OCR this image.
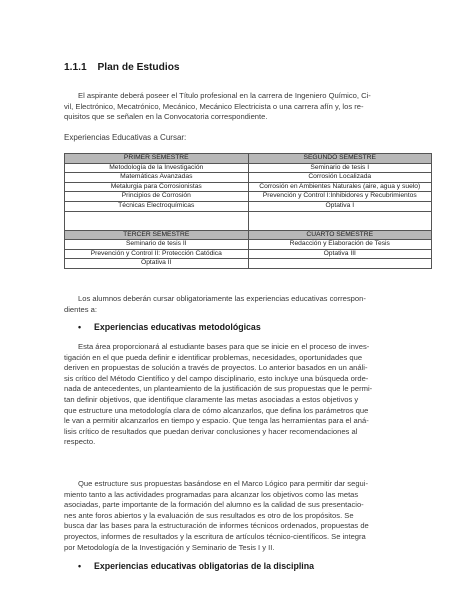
1.1.1 Plan de Estudios
El aspirante deberá poseer el Título profesional en la carrera de Ingeniero Químico, Ci-
vil, Electrónico, Mecatrónico, Mecánico, Mecánico Electricista o una carrera afín y, los re-
quisitos que se señalen en la Convocatoria correspondiente.
Experiencias Educativas a Cursar:
PRIMER SEMESTRE	SEGUNDO SEMESTRE
Metodología de la Investigación	Seminario de tesis I
Matemáticas Avanzadas	Corrosión Localizada
Metalurgia para Corrosionistas	Corrosión en Ambientes Naturales (aire, agua y suelo)
Principios de Corrosión	Prevención y Control I:Inhibidores y Recubrimientos
Técnicas Electroquímicas	Optativa I

TERCER SEMESTRE	CUARTO SEMESTRE
Seminario de tesis II	Redacción y Elaboración de Tesis
Prevención y Control II: Protección Catódica	Optativa III
Optativa II	
Los alumnos deberán cursar obligatoriamente las experiencias educativas correspon-
dientes a:
• Experiencias educativas metodológicas
Esta área proporcionará al estudiante bases para que se inicie en el proceso de inves-
tigación en el que pueda definir e identificar problemas, necesidades, oportunidades que
deriven en propuestas de solución a través de proyectos. Lo anterior basados en un análi-
sis crítico del Método Científico y del campo disciplinario, esto incluye una búsqueda orde-
nada de antecedentes, un planteamiento de la justificación de sus propuestas que le permi-
tan definir objetivos, que identifique claramente las metas asociadas a estos objetivos y
que estructure una metodología clara de cómo alcanzarlos, que defina los parámetros que
le van a permitir alcanzarlos en tiempo y espacio. Que tenga las herramientas para el aná-
lisis crítico de resultados que puedan derivar conclusiones y hacer recomendaciones al
respecto.
Que estructure sus propuestas basándose en el Marco Lógico para permitir dar segui-
miento tanto a las actividades programadas para alcanzar los objetivos como las metas
asociadas, parte importante de la formación del alumno es la calidad de sus presentacio-
nes ante foros abiertos y la evaluación de sus resultados es otro de los propósitos. Se
busca dar las bases para la estructuración de informes técnicos ordenados, propuestas de
proyectos, informes de resultados y la escritura de artículos técnico-científicos. Se integra
por Metodología de la Investigación y Seminario de Tesis I y II.
• Experiencias educativas obligatorias de la disciplina
